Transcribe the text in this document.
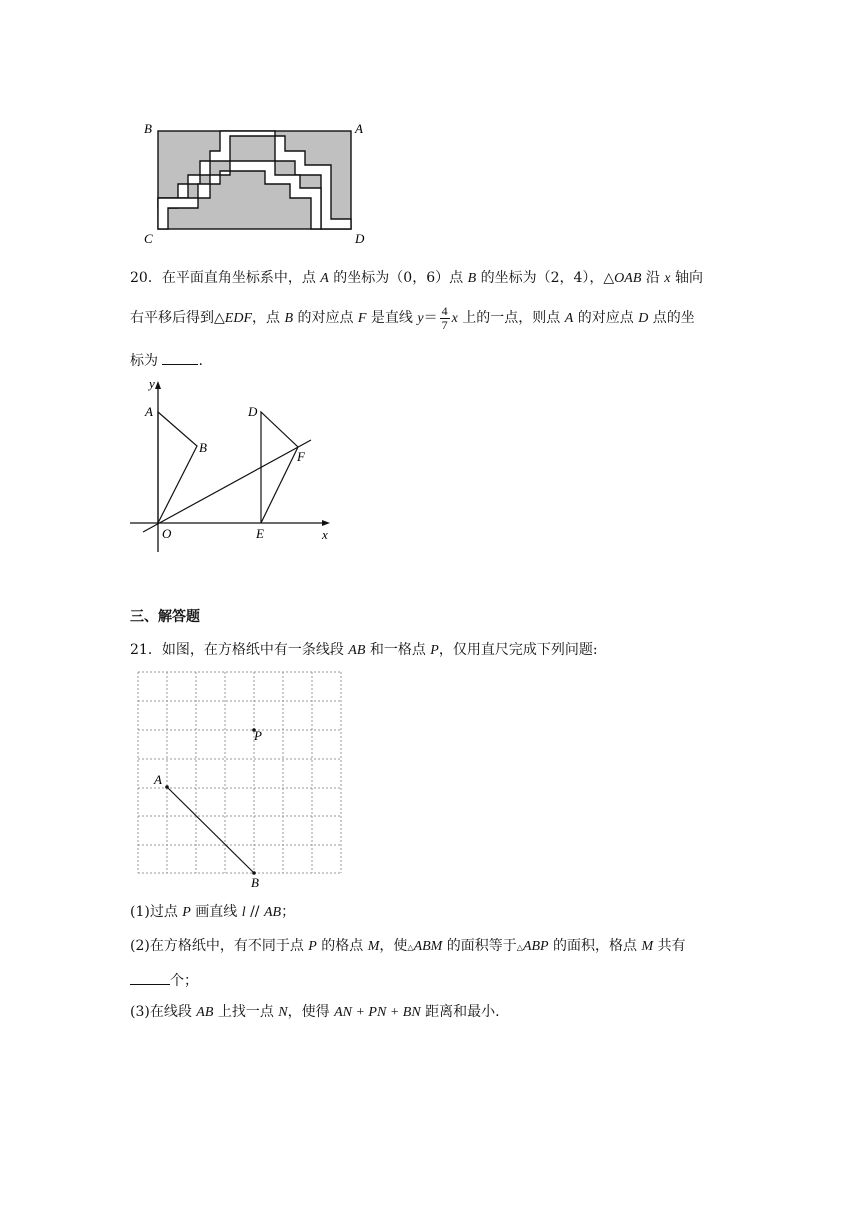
B	A
C	D
20．在平面直角坐标系中，点 A 的坐标为（0，6）点 B 的坐标为（2，4），△OAB 沿 x 轴向
右平移后得到△EDF，点 B 的对应点 F 是直线 $y= \frac{4}{7}$ x 上的一点，则点 A 的对应点 D 点的坐
标为	.
y
x
A
B
O
D
E
F
三、解答题
21．如图，在方格纸中有一条线段 AB 和一格点 P，仅用直尺完成下列问题:
P
A
B
(1)过点 P 画直线 l // AB；
(2)在方格纸中，有不同于点 P 的格点 M，使△ABM 的面积等于△ABP 的面积，格点 M 共有
个；
(3)在线段 AB 上找一点 N，使得 AN + PN + BN 距离和最小.
